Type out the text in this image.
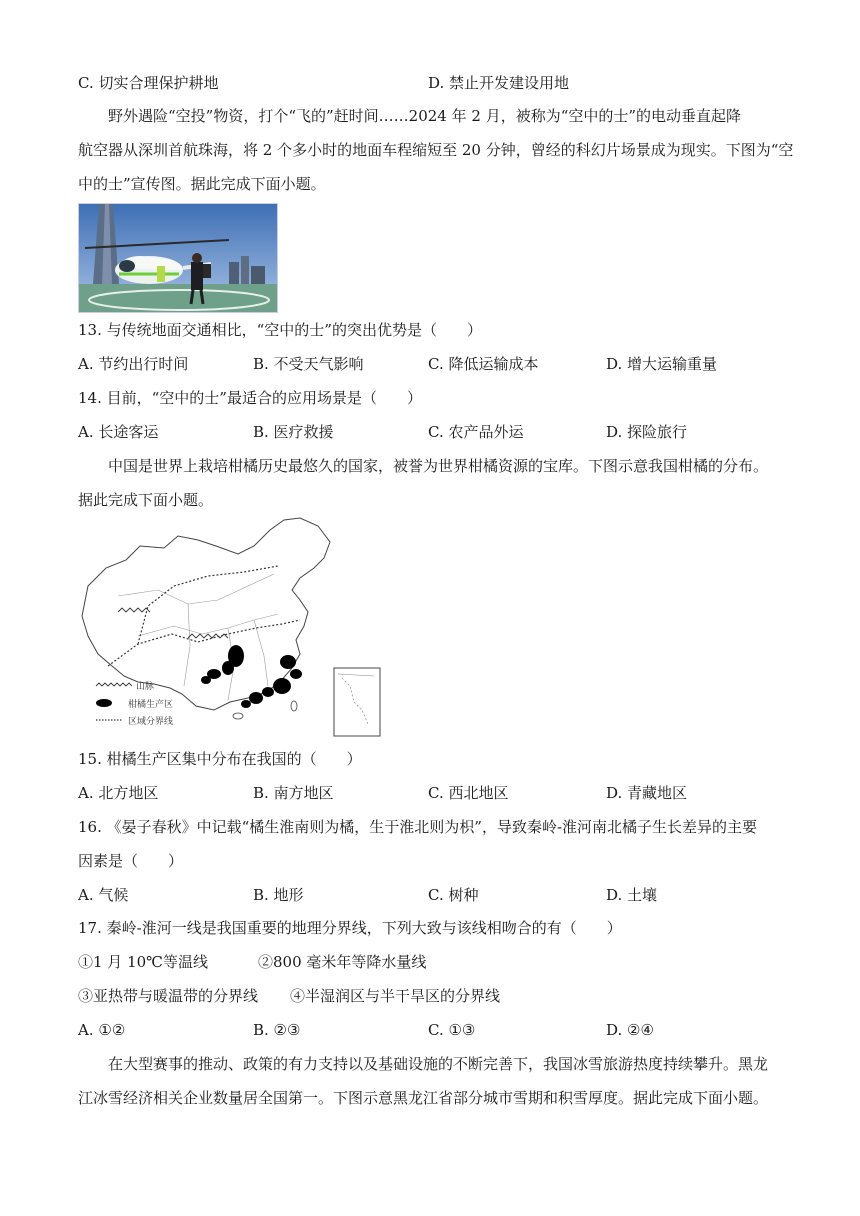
C. 切实合理保护耕地	D. 禁止开发建设用地
野外遇险“空投”物资，打个“飞的”赶时间……2024 年 2 月，被称为“空中的士”的电动垂直起降
航空器从深圳首航珠海，将 2 个多小时的地面车程缩短至 20 分钟，曾经的科幻片场景成为现实。下图为“空
中的士”宣传图。据此完成下面小题。
13. 与传统地面交通相比，“空中的士”的突出优势是（　　）
A. 节约出行时间	B. 不受天气影响	C. 降低运输成本	D. 增大运输重量
14. 目前，“空中的士”最适合的应用场景是（　　）
A. 长途客运	B. 医疗救援	C. 农产品外运	D. 探险旅行
中国是世界上栽培柑橘历史最悠久的国家，被誉为世界柑橘资源的宝库。下图示意我国柑橘的分布。
据此完成下面小题。
山脉
柑橘生产区
区域分界线
15. 柑橘生产区集中分布在我国的（　　）
A. 北方地区	B. 南方地区	C. 西北地区	D. 青藏地区
16. 《晏子春秋》中记载“橘生淮南则为橘，生于淮北则为枳”，导致秦岭-淮河南北橘子生长差异的主要
因素是（　　）
A. 气候	B. 地形	C. 树种	D. 土壤
17. 秦岭-淮河一线是我国重要的地理分界线，下列大致与该线相吻合的有（　　）
①1 月 10℃等温线	②800 毫米年等降水量线
③亚热带与暖温带的分界线 ④半湿润区与半干旱区的分界线
A. ①②	B. ②③	C. ①③	D. ②④
在大型赛事的推动、政策的有力支持以及基础设施的不断完善下，我国冰雪旅游热度持续攀升。黑龙
江冰雪经济相关企业数量居全国第一。下图示意黑龙江省部分城市雪期和积雪厚度。据此完成下面小题。
